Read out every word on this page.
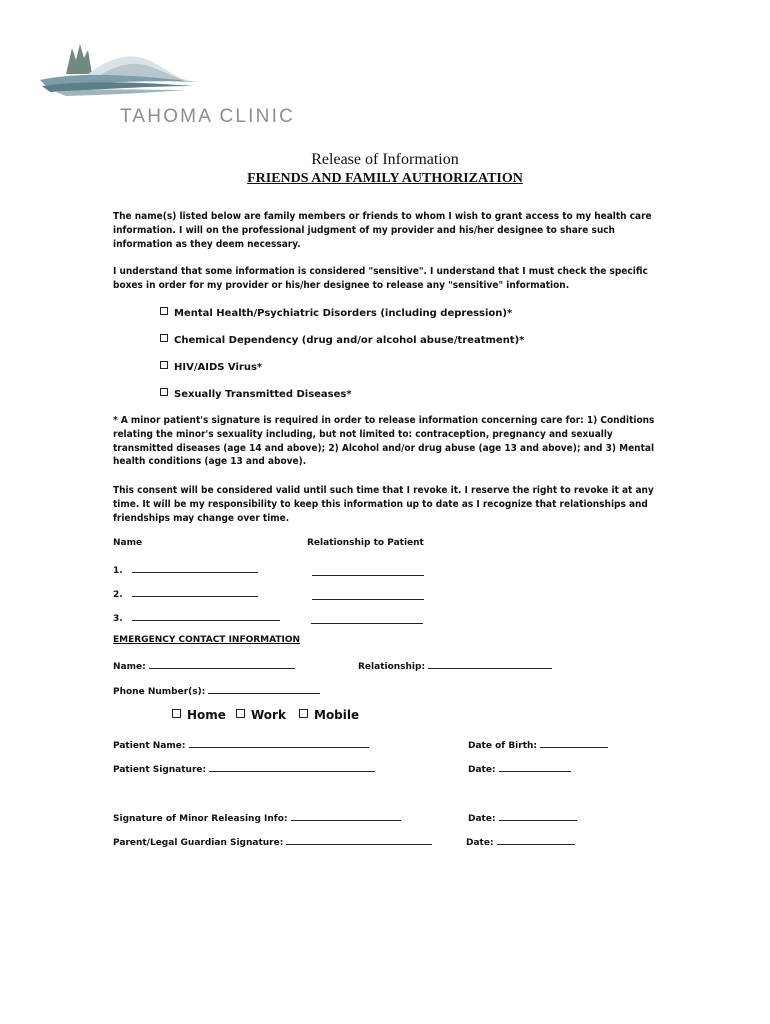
TAHOMA CLINIC
Release of Information
FRIENDS AND FAMILY AUTHORIZATION
The name(s) listed below are family members or friends to whom I wish to grant access to my health care information. I will on the professional judgment of my provider and his/her designee to share such information as they deem necessary.
I understand that some information is considered "sensitive". I understand that I must check the specific boxes in order for my provider or his/her designee to release any "sensitive" information.
Mental Health/Psychiatric Disorders (including depression)*
Chemical Dependency (drug and/or alcohol abuse/treatment)*
HIV/AIDS Virus*
Sexually Transmitted Diseases*
* A minor patient's signature is required in order to release information concerning care for: 1) Conditions relating the minor's sexuality including, but not limited to: contraception, pregnancy and sexually transmitted diseases (age 14 and above); 2) Alcohol and/or drug abuse (age 13 and above); and 3) Mental health conditions (age 13 and above).
This consent will be considered valid until such time that I revoke it. I reserve the right to revoke it at any time. It will be my responsibility to keep this information up to date as I recognize that relationships and friendships may change over time.
Name	Relationship to Patient
1.
2.
3.
EMERGENCY CONTACT INFORMATION
Name:	Relationship:
Phone Number(s):
Home	Work	Mobile
Patient Name:	Date of Birth:
Patient Signature:	Date:
Signature of Minor Releasing Info:	Date:
Parent/Legal Guardian Signature:	Date:
